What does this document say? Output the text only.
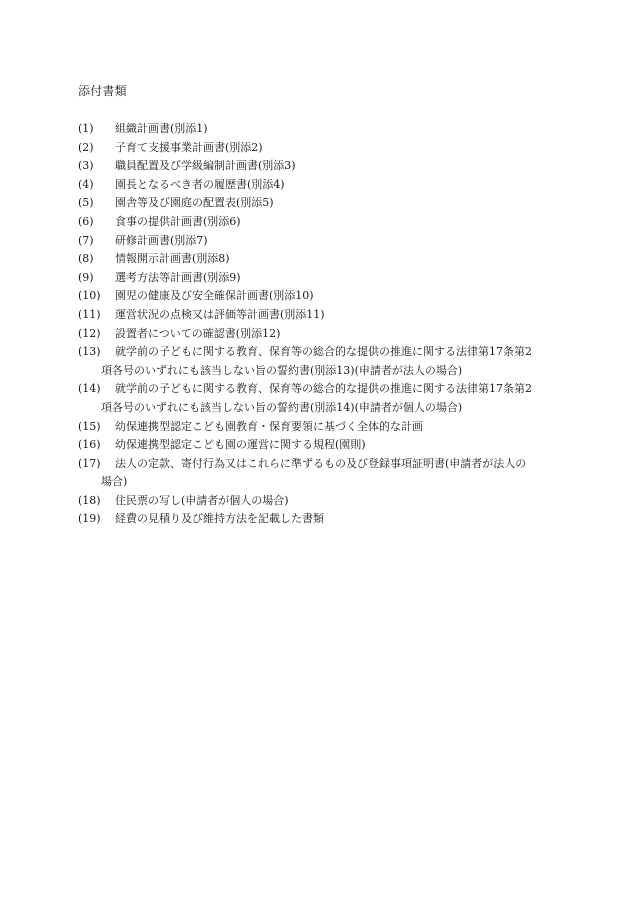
添付書類
(1)	組織計画書(別添1)
(2)	子育て支援事業計画書(別添2)
(3)	職員配置及び学級編制計画書(別添3)
(4)	園長となるべき者の履歴書(別添4)
(5)	園舎等及び園庭の配置表(別添5)
(6)	食事の提供計画書(別添6)
(7)	研修計画書(別添7)
(8)	情報開示計画書(別添8)
(9)	選考方法等計画書(別添9)
(10)	園児の健康及び安全確保計画書(別添10)
(11)	運営状況の点検又は評価等計画書(別添11)
(12)	設置者についての確認書(別添12)
(13)	就学前の子どもに関する教育、保育等の総合的な提供の推進に関する法律第17条第2
項各号のいずれにも該当しない旨の誓約書(別添13)(申請者が法人の場合)
(14)	就学前の子どもに関する教育、保育等の総合的な提供の推進に関する法律第17条第2
項各号のいずれにも該当しない旨の誓約書(別添14)(申請者が個人の場合)
(15)	幼保連携型認定こども園教育・保育要領に基づく全体的な計画
(16)	幼保連携型認定こども園の運営に関する規程(園則)
(17)	法人の定款、寄付行為又はこれらに準ずるもの及び登録事項証明書(申請者が法人の
場合)
(18)	住民票の写し(申請者が個人の場合)
(19)	経費の見積り及び維持方法を記載した書類
